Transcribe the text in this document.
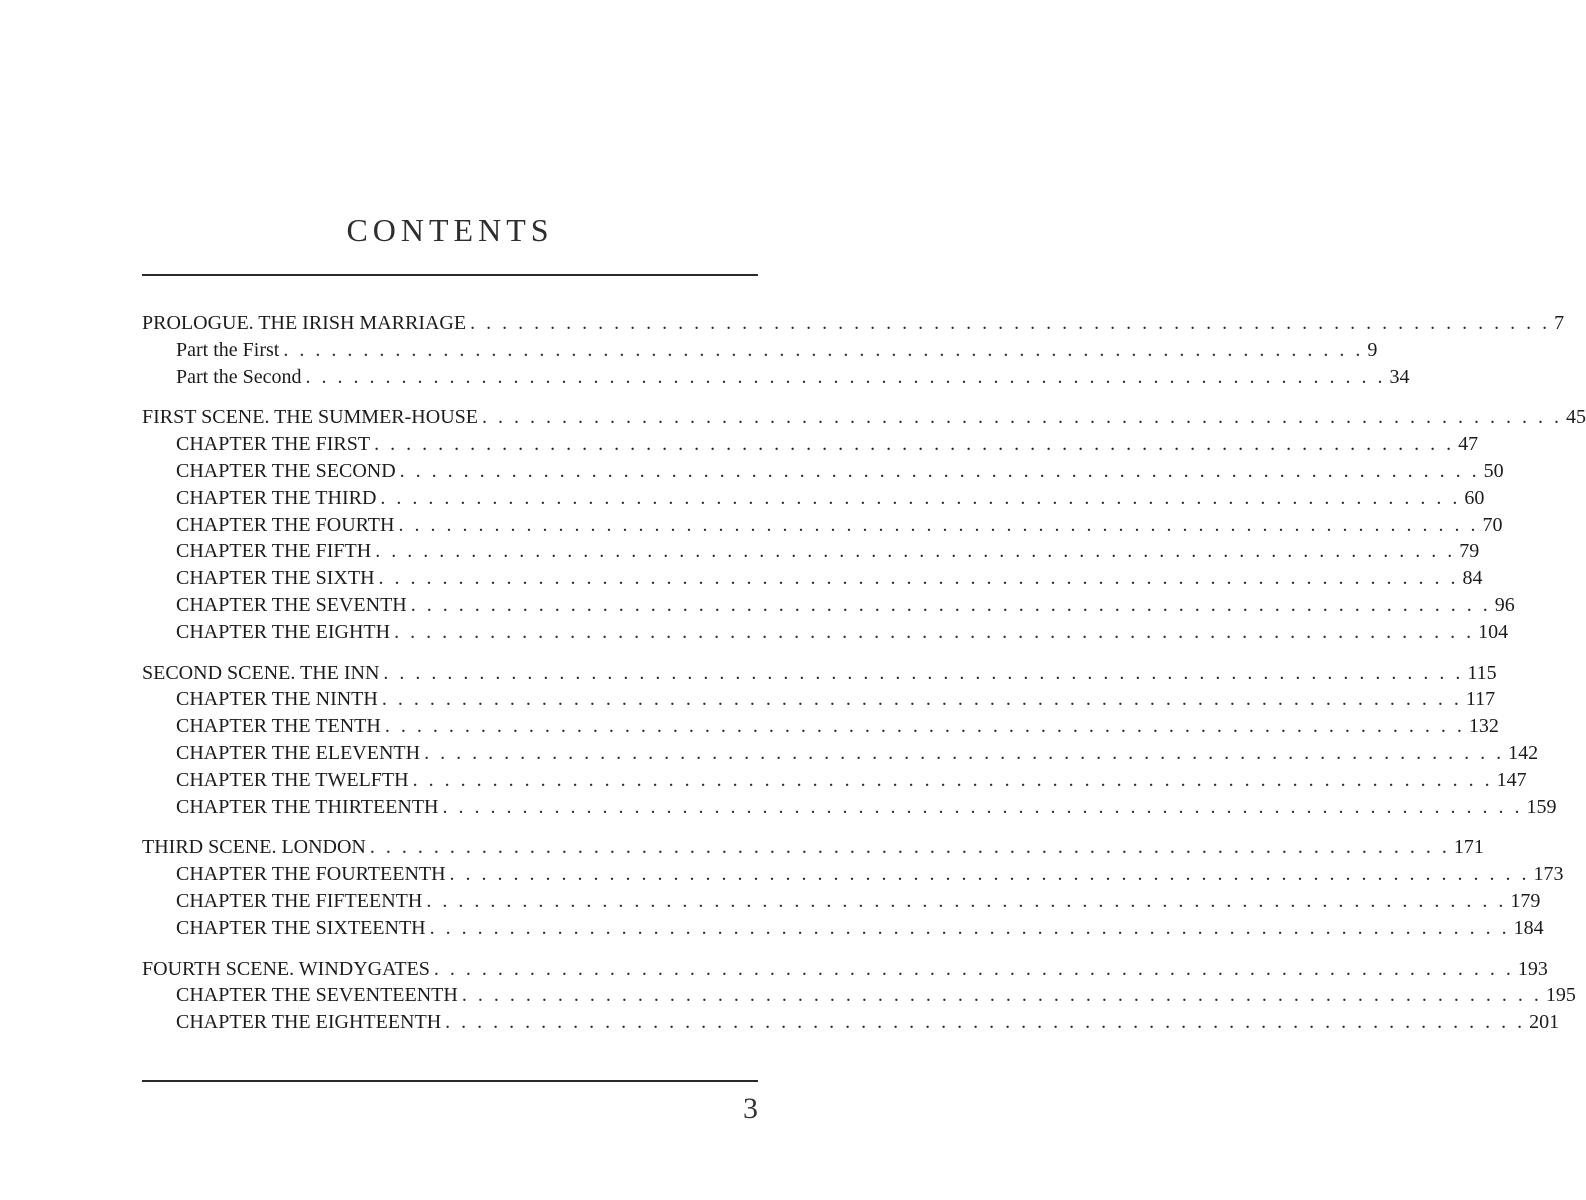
CONTENTS
PROLOGUE. THE IRISH MARRIAGE . . . . . . . . . . . . . . . . . . . . . . . . . . . . . . . . . . . . . . . . . . . . . . . . . . . . . . . . . . . . . . . . . . . . 7
Part the First . . . . . . . . . . . . . . . . . . . . . . . . . . . . . . . . . . . . . . . . . . . . . . . . . . . . . . . . . . . . . . . . . . . . 9
Part the Second . . . . . . . . . . . . . . . . . . . . . . . . . . . . . . . . . . . . . . . . . . . . . . . . . . . . . . . . . . . . . . . . . . . . 34
FIRST SCENE. THE SUMMER-HOUSE . . . . . . . . . . . . . . . . . . . . . . . . . . . . . . . . . . . . . . . . . . . . . . . . . . . . . . . . . . . . . . . . . . . . 45
CHAPTER THE FIRST . . . . . . . . . . . . . . . . . . . . . . . . . . . . . . . . . . . . . . . . . . . . . . . . . . . . . . . . . . . . . . . . . . . . 47
CHAPTER THE SECOND . . . . . . . . . . . . . . . . . . . . . . . . . . . . . . . . . . . . . . . . . . . . . . . . . . . . . . . . . . . . . . . . . . . . 50
CHAPTER THE THIRD . . . . . . . . . . . . . . . . . . . . . . . . . . . . . . . . . . . . . . . . . . . . . . . . . . . . . . . . . . . . . . . . . . . . 60
CHAPTER THE FOURTH . . . . . . . . . . . . . . . . . . . . . . . . . . . . . . . . . . . . . . . . . . . . . . . . . . . . . . . . . . . . . . . . . . . . 70
CHAPTER THE FIFTH . . . . . . . . . . . . . . . . . . . . . . . . . . . . . . . . . . . . . . . . . . . . . . . . . . . . . . . . . . . . . . . . . . . . 79
CHAPTER THE SIXTH . . . . . . . . . . . . . . . . . . . . . . . . . . . . . . . . . . . . . . . . . . . . . . . . . . . . . . . . . . . . . . . . . . . . 84
CHAPTER THE SEVENTH . . . . . . . . . . . . . . . . . . . . . . . . . . . . . . . . . . . . . . . . . . . . . . . . . . . . . . . . . . . . . . . . . . . . 96
CHAPTER THE EIGHTH . . . . . . . . . . . . . . . . . . . . . . . . . . . . . . . . . . . . . . . . . . . . . . . . . . . . . . . . . . . . . . . . . . . . 104
SECOND SCENE. THE INN . . . . . . . . . . . . . . . . . . . . . . . . . . . . . . . . . . . . . . . . . . . . . . . . . . . . . . . . . . . . . . . . . . . . 115
CHAPTER THE NINTH . . . . . . . . . . . . . . . . . . . . . . . . . . . . . . . . . . . . . . . . . . . . . . . . . . . . . . . . . . . . . . . . . . . . 117
CHAPTER THE TENTH . . . . . . . . . . . . . . . . . . . . . . . . . . . . . . . . . . . . . . . . . . . . . . . . . . . . . . . . . . . . . . . . . . . . 132
CHAPTER THE ELEVENTH . . . . . . . . . . . . . . . . . . . . . . . . . . . . . . . . . . . . . . . . . . . . . . . . . . . . . . . . . . . . . . . . . . . . 142
CHAPTER THE TWELFTH . . . . . . . . . . . . . . . . . . . . . . . . . . . . . . . . . . . . . . . . . . . . . . . . . . . . . . . . . . . . . . . . . . . . 147
CHAPTER THE THIRTEENTH . . . . . . . . . . . . . . . . . . . . . . . . . . . . . . . . . . . . . . . . . . . . . . . . . . . . . . . . . . . . . . . . . . . . 159
THIRD SCENE. LONDON . . . . . . . . . . . . . . . . . . . . . . . . . . . . . . . . . . . . . . . . . . . . . . . . . . . . . . . . . . . . . . . . . . . . 171
CHAPTER THE FOURTEENTH . . . . . . . . . . . . . . . . . . . . . . . . . . . . . . . . . . . . . . . . . . . . . . . . . . . . . . . . . . . . . . . . . . . . 173
CHAPTER THE FIFTEENTH . . . . . . . . . . . . . . . . . . . . . . . . . . . . . . . . . . . . . . . . . . . . . . . . . . . . . . . . . . . . . . . . . . . . 179
CHAPTER THE SIXTEENTH . . . . . . . . . . . . . . . . . . . . . . . . . . . . . . . . . . . . . . . . . . . . . . . . . . . . . . . . . . . . . . . . . . . . 184
FOURTH SCENE. WINDYGATES . . . . . . . . . . . . . . . . . . . . . . . . . . . . . . . . . . . . . . . . . . . . . . . . . . . . . . . . . . . . . . . . . . . . 193
CHAPTER THE SEVENTEENTH . . . . . . . . . . . . . . . . . . . . . . . . . . . . . . . . . . . . . . . . . . . . . . . . . . . . . . . . . . . . . . . . . . . . 195
CHAPTER THE EIGHTEENTH . . . . . . . . . . . . . . . . . . . . . . . . . . . . . . . . . . . . . . . . . . . . . . . . . . . . . . . . . . . . . . . . . . . . 201
3
